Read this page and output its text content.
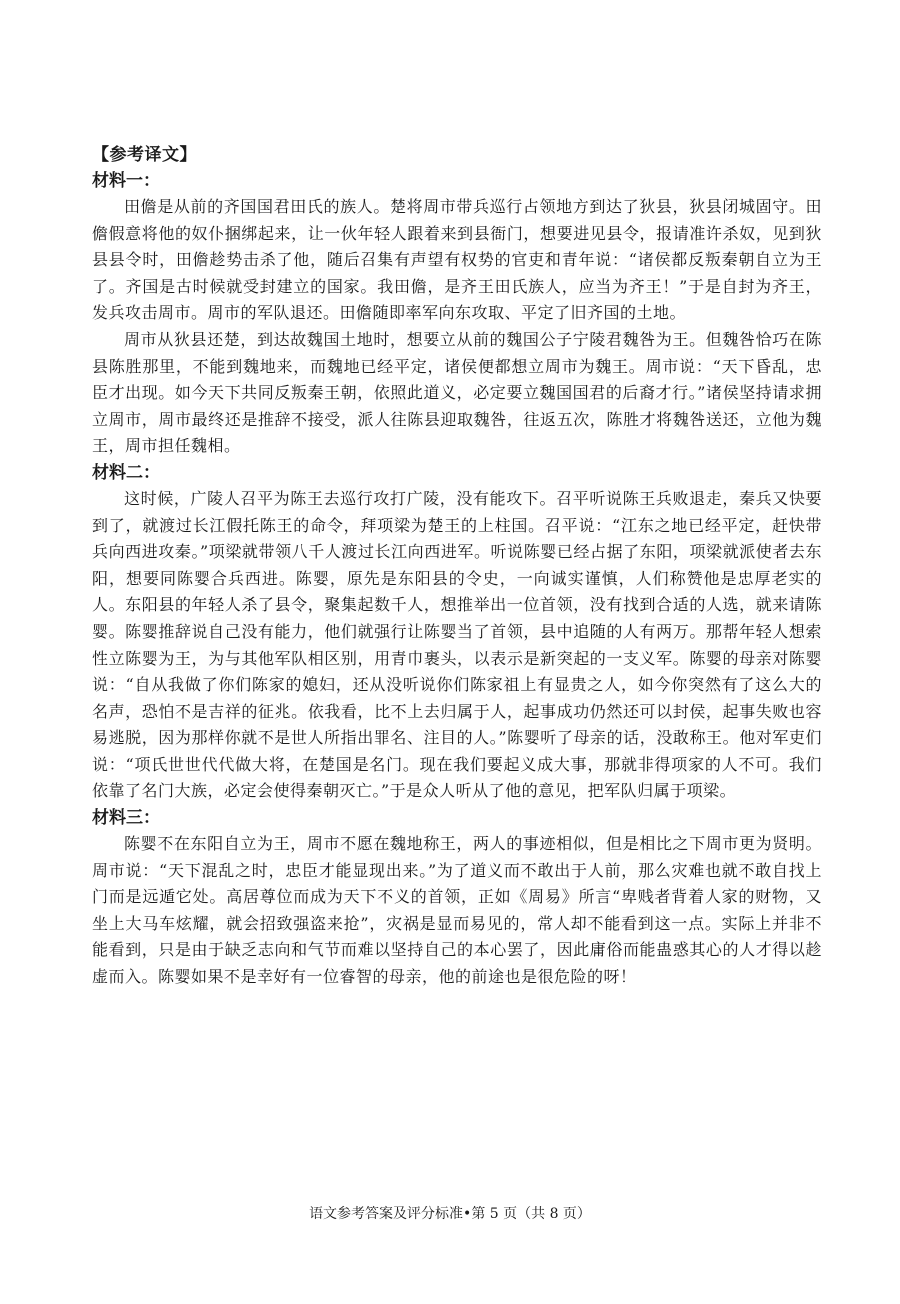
【参考译文】

材料一：

田儋是从前的齐国国君田氏的族人。楚将周市带兵巡行占领地方到达了狄县，狄县闭城固守。田儋假意将他的奴仆捆绑起来，让一伙年轻人跟着来到县衙门，想要进见县令，报请准许杀奴，见到狄县县令时，田儋趁势击杀了他，随后召集有声望有权势的官吏和青年说：“诸侯都反叛秦朝自立为王了。齐国是古时候就受封建立的国家。我田儋，是齐王田氏族人，应当为齐王！”于是自封为齐王，发兵攻击周市。周市的军队退还。田儋随即率军向东攻取、平定了旧齐国的土地。

周市从狄县还楚，到达故魏国土地时，想要立从前的魏国公子宁陵君魏咎为王。但魏咎恰巧在陈县陈胜那里，不能到魏地来，而魏地已经平定，诸侯便都想立周市为魏王。周市说：“天下昏乱，忠臣才出现。如今天下共同反叛秦王朝，依照此道义，必定要立魏国国君的后裔才行。”诸侯坚持请求拥立周市，周市最终还是推辞不接受，派人往陈县迎取魏咎，往返五次，陈胜才将魏咎送还，立他为魏王，周市担任魏相。

材料二：

这时候，广陵人召平为陈王去巡行攻打广陵，没有能攻下。召平听说陈王兵败退走，秦兵又快要到了，就渡过长江假托陈王的命令，拜项梁为楚王的上柱国。召平说：“江东之地已经平定，赶快带兵向西进攻秦。”项梁就带领八千人渡过长江向西进军。听说陈婴已经占据了东阳，项梁就派使者去东阳，想要同陈婴合兵西进。陈婴，原先是东阳县的令史，一向诚实谨慎，人们称赞他是忠厚老实的人。东阳县的年轻人杀了县令，聚集起数千人，想推举出一位首领，没有找到合适的人选，就来请陈婴。陈婴推辞说自己没有能力，他们就强行让陈婴当了首领，县中追随的人有两万。那帮年轻人想索性立陈婴为王，为与其他军队相区别，用青巾裹头，以表示是新突起的一支义军。陈婴的母亲对陈婴说：“自从我做了你们陈家的媳妇，还从没听说你们陈家祖上有显贵之人，如今你突然有了这么大的名声，恐怕不是吉祥的征兆。依我看，比不上去归属于人，起事成功仍然还可以封侯，起事失败也容易逃脱，因为那样你就不是世人所指出罪名、注目的人。”陈婴听了母亲的话，没敢称王。他对军吏们说：“项氏世世代代做大将，在楚国是名门。现在我们要起义成大事，那就非得项家的人不可。我们依靠了名门大族，必定会使得秦朝灭亡。”于是众人听从了他的意见，把军队归属于项梁。

材料三：

陈婴不在东阳自立为王，周市不愿在魏地称王，两人的事迹相似，但是相比之下周市更为贤明。周市说：“天下混乱之时，忠臣才能显现出来。”为了道义而不敢出于人前，那么灾难也就不敢自找上门而是远遁它处。高居尊位而成为天下不义的首领，正如《周易》所言“卑贱者背着人家的财物，又坐上大马车炫耀，就会招致强盗来抢”，灾祸是显而易见的，常人却不能看到这一点。实际上并非不能看到，只是由于缺乏志向和气节而难以坚持自己的本心罢了，因此庸俗而能蛊惑其心的人才得以趁虚而入。陈婴如果不是幸好有一位睿智的母亲，他的前途也是很危险的呀！

语文参考答案及评分标准•第 5 页（共 8 页）
